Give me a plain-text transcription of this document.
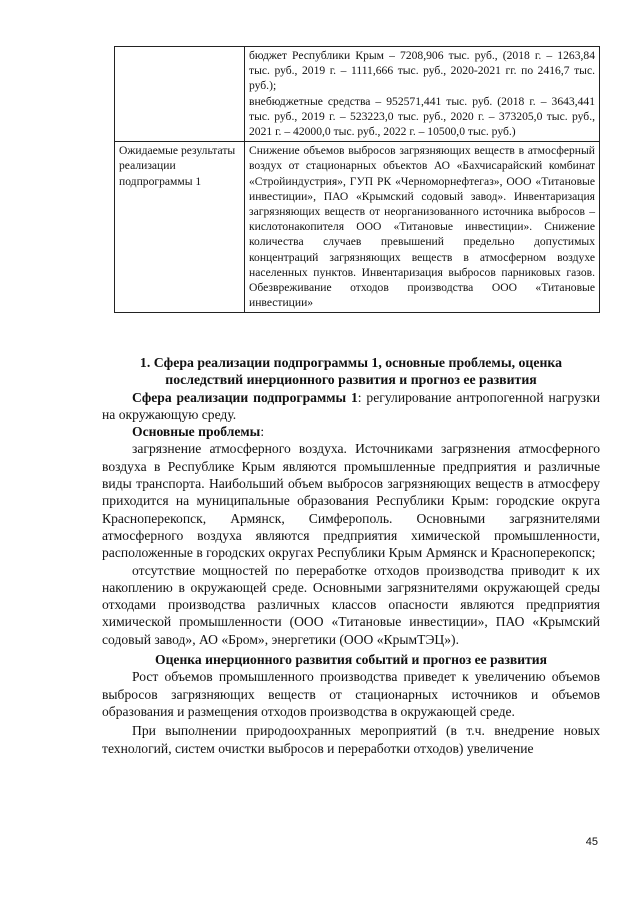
	бюджет Республики Крым – 7208,906 тыс. руб., (2018 г. – 1263,84 тыс. руб., 2019 г. – 1111,666 тыс. руб., 2020-2021 гг. по 2416,7 тыс. руб.);

внебюджетные средства – 952571,441 тыс. руб. (2018 г. – 3643,441 тыс. руб., 2019 г. – 523223,0 тыс. руб., 2020 г. – 373205,0 тыс. руб., 2021 г. – 42000,0 тыс. руб., 2022 г. – 10500,0 тыс. руб.)

Ожидаемые результаты реализации подпрограммы 1	Снижение объемов выбросов загрязняющих веществ в атмосферный воздух от стационарных объектов АО «Бахчисарайский комбинат «Стройиндустрия», ГУП РК «Черноморнефтегаз», ООО «Титановые инвестиции», ПАО «Крымский содовый завод». Инвентаризация загрязняющих веществ от неорганизованного источника выбросов – кислотонакопителя ООО «Титановые инвестиции». Снижение количества случаев превышений предельно допустимых концентраций загрязняющих веществ в атмосферном воздухе населенных пунктов. Инвентаризация выбросов парниковых газов. Обезвреживание отходов производства ООО «Титановые инвестиции»
1. Сфера реализации подпрограммы 1, основные проблемы, оценка последствий инерционного развития и прогноз ее развития

Сфера реализации подпрограммы 1: регулирование антропогенной нагрузки на окружающую среду.

Основные проблемы:

загрязнение атмосферного воздуха. Источниками загрязнения атмосферного воздуха в Республике Крым являются промышленные предприятия и различные виды транспорта. Наибольший объем выбросов загрязняющих веществ в атмосферу приходится на муниципальные образования Республики Крым: городские округа Красноперекопск, Армянск, Симферополь. Основными загрязнителями атмосферного воздуха являются предприятия химической промышленности, расположенные в городских округах Республики Крым Армянск и Красноперекопск;

отсутствие мощностей по переработке отходов производства приводит к их накоплению в окружающей среде. Основными загрязнителями окружающей среды отходами производства различных классов опасности являются предприятия химической промышленности (ООО «Титановые инвестиции», ПАО «Крымский содовый завод», АО «Бром», энергетики (ООО «КрымТЭЦ»).

Оценка инерционного развития событий и прогноз ее развития

Рост объемов промышленного производства приведет к увеличению объемов выбросов загрязняющих веществ от стационарных источников и объемов образования и размещения отходов производства в окружающей среде.

При выполнении природоохранных мероприятий (в т.ч. внедрение новых технологий, систем очистки выбросов и переработки отходов) увеличение

45
